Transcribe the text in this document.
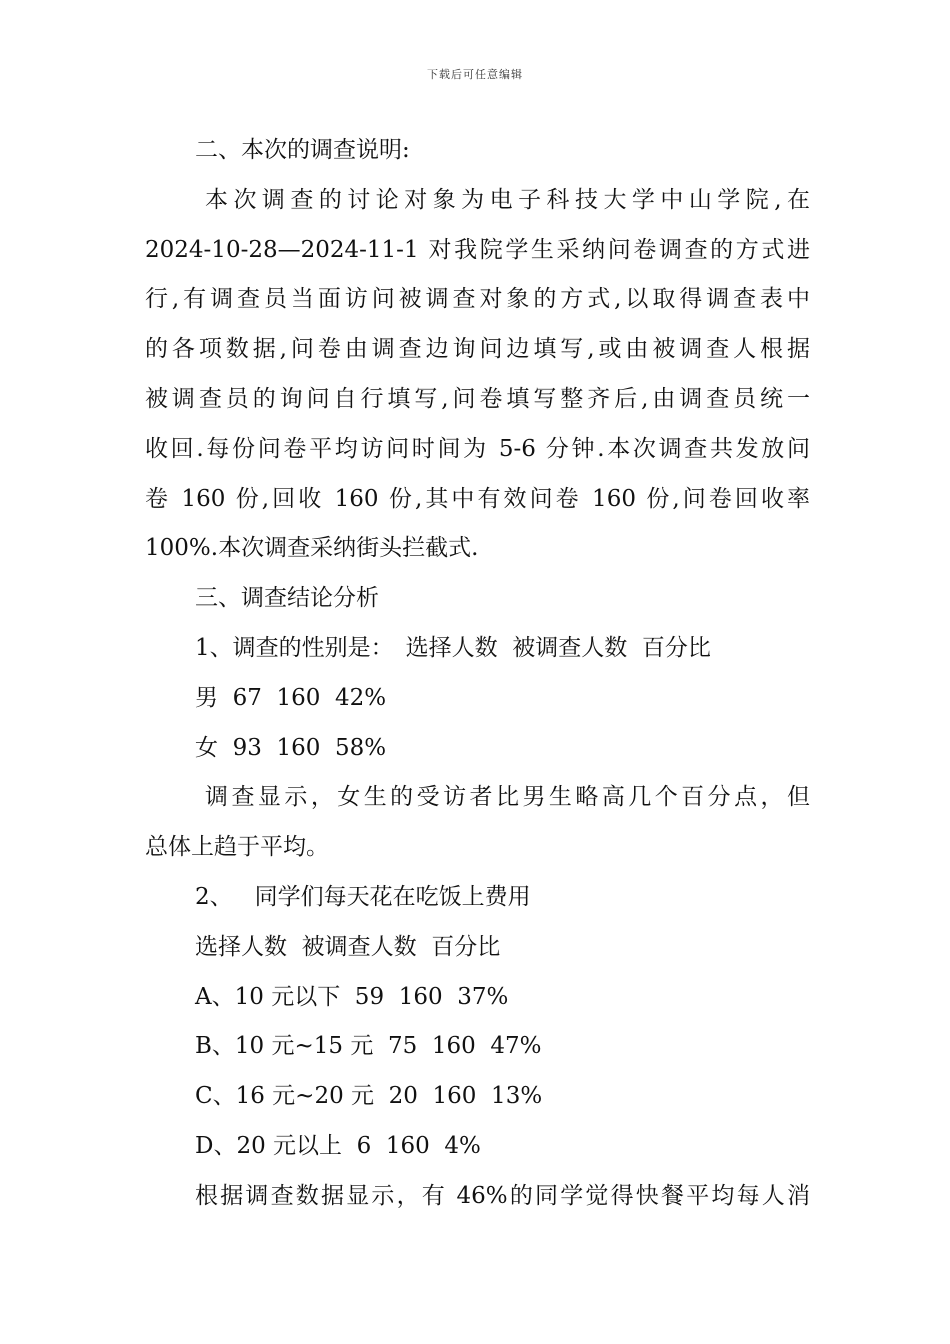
下载后可任意编辑
二、本次的调查说明:
本次调查的讨论对象为电子科技大学中山学院,在
2024-10-28—2024-11-1 对我院学生采纳问卷调查的方式进
行,有调查员当面访问被调查对象的方式,以取得调查表中
的各项数据,问卷由调查边询问边填写,或由被调查人根据
被调查员的询问自行填写,问卷填写整齐后,由调查员统一
收回.每份问卷平均访问时间为 5-6 分钟.本次调查共发放问
卷 160 份,回收 160 份,其中有效问卷 160 份,问卷回收率
100%.本次调查采纳街头拦截式.
三、调查结论分析
1、调查的性别是： 选择人数  被调查人数  百分比
男  67  160  42%
女  93  160  58%
调查显示，女生的受访者比男生略高几个百分点，但
总体上趋于平均。
2、   同学们每天花在吃饭上费用
选择人数  被调查人数  百分比
A、10 元以下  59  160  37%
B、10 元~15 元  75  160  47%
C、16 元~20 元  20  160  13%
D、20 元以上  6  160  4%
根据调查数据显示，有 46%的同学觉得快餐平均每人消
